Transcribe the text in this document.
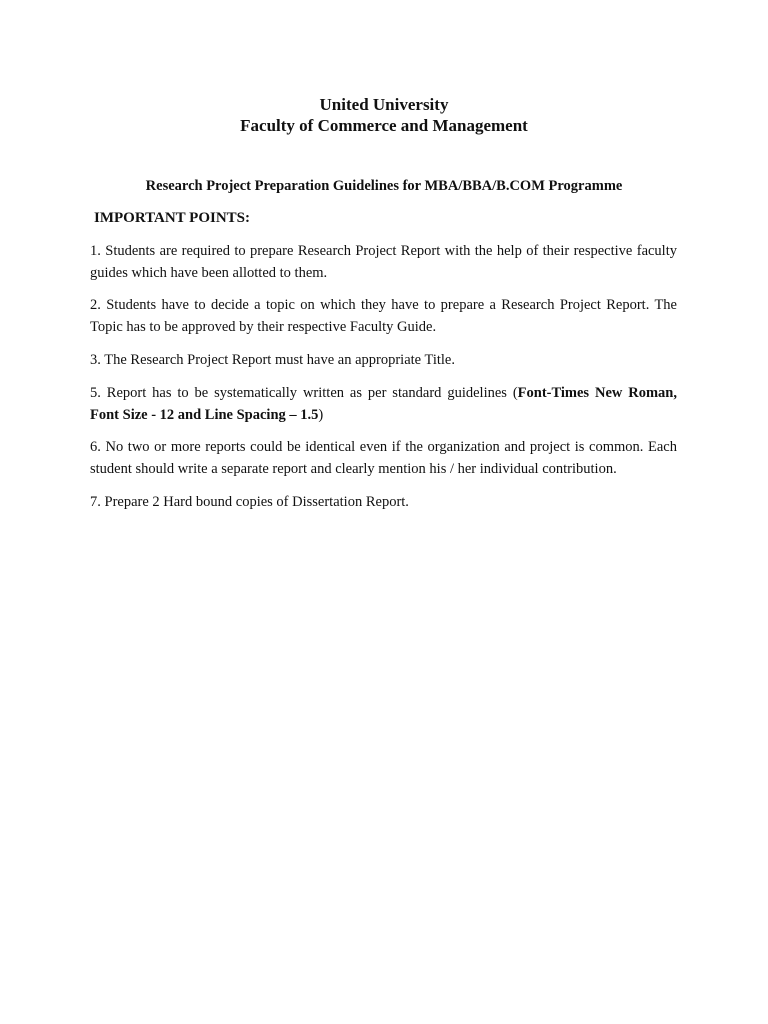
United University
Faculty of Commerce and Management
Research Project Preparation Guidelines for MBA/BBA/B.COM Programme
IMPORTANT POINTS:

1. Students are required to prepare Research Project Report with the help of their respective faculty guides which have been allotted to them.

2. Students have to decide a topic on which they have to prepare a Research Project Report. The Topic has to be approved by their respective Faculty Guide.

3. The Research Project Report must have an appropriate Title.

5. Report has to be systematically written as per standard guidelines (Font-Times New Roman, Font Size - 12 and Line Spacing – 1.5)

6. No two or more reports could be identical even if the organization and project is common. Each student should write a separate report and clearly mention his / her individual contribution.

7. Prepare 2 Hard bound copies of Dissertation Report.
